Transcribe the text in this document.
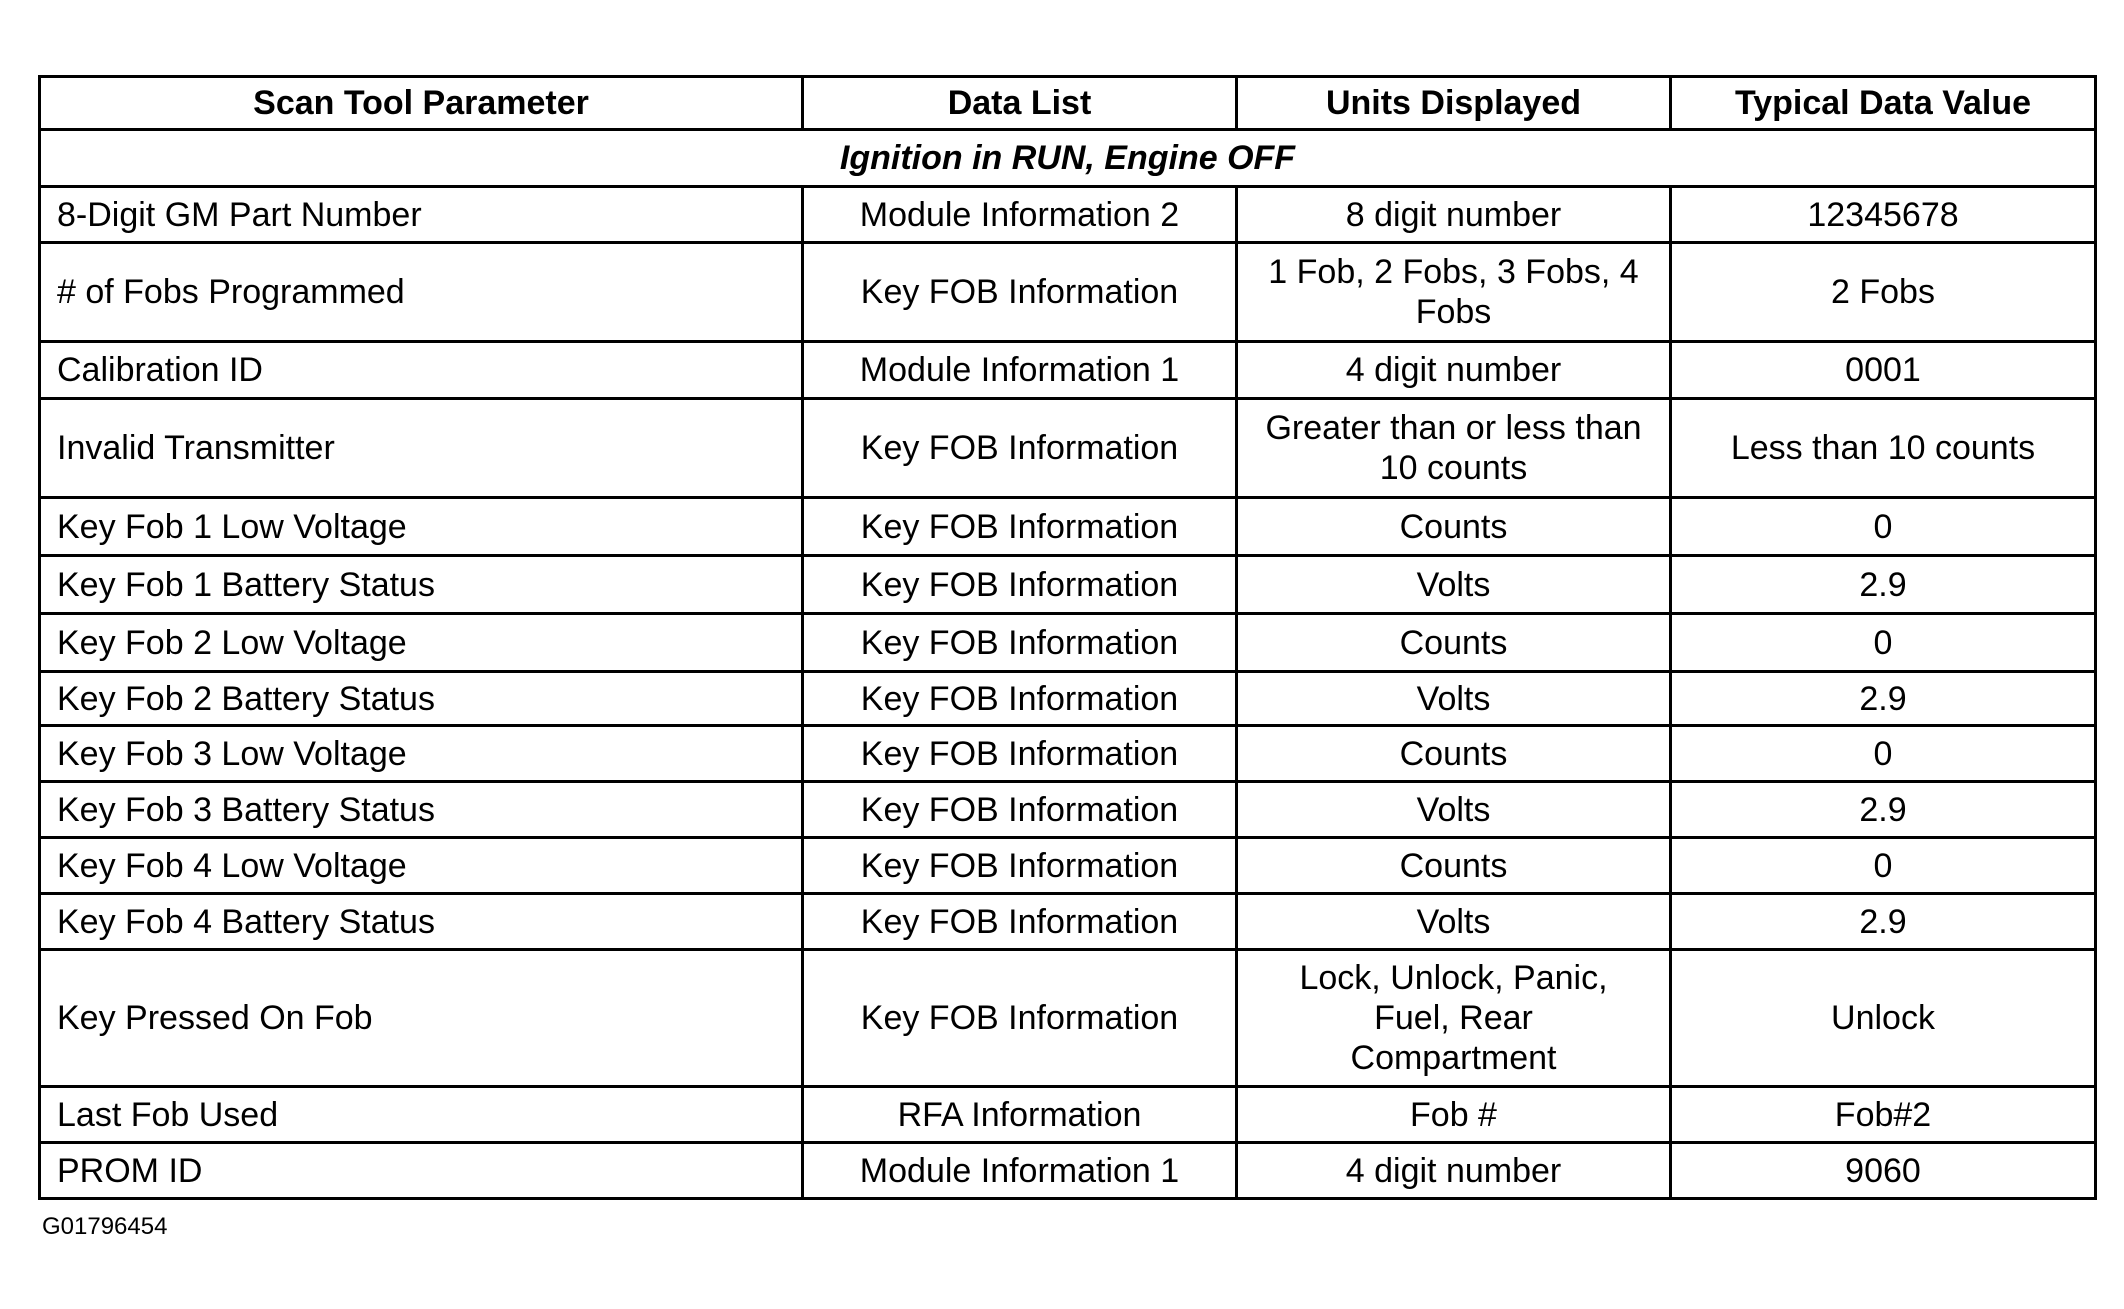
Scan Tool Parameter	Data List	Units Displayed	Typical Data Value
Ignition in RUN, Engine OFF			
8-Digit GM Part Number	Module Information 2	8 digit number	12345678
# of Fobs Programmed	Key FOB Information	1 Fob, 2 Fobs, 3 Fobs, 4 Fobs	2 Fobs
Calibration ID	Module Information 1	4 digit number	0001
Invalid Transmitter	Key FOB Information	Greater than or less than 10 counts	Less than 10 counts
Key Fob 1 Low Voltage	Key FOB Information	Counts	0
Key Fob 1 Battery Status	Key FOB Information	Volts	2.9
Key Fob 2 Low Voltage	Key FOB Information	Counts	0
Key Fob 2 Battery Status	Key FOB Information	Volts	2.9
Key Fob 3 Low Voltage	Key FOB Information	Counts	0
Key Fob 3 Battery Status	Key FOB Information	Volts	2.9
Key Fob 4 Low Voltage	Key FOB Information	Counts	0
Key Fob 4 Battery Status	Key FOB Information	Volts	2.9
Key Pressed On Fob	Key FOB Information	Lock, Unlock, Panic, Fuel, Rear Compartment	Unlock
Last Fob Used	RFA Information	Fob #	Fob#2
PROM ID	Module Information 1	4 digit number	9060
G01796454
